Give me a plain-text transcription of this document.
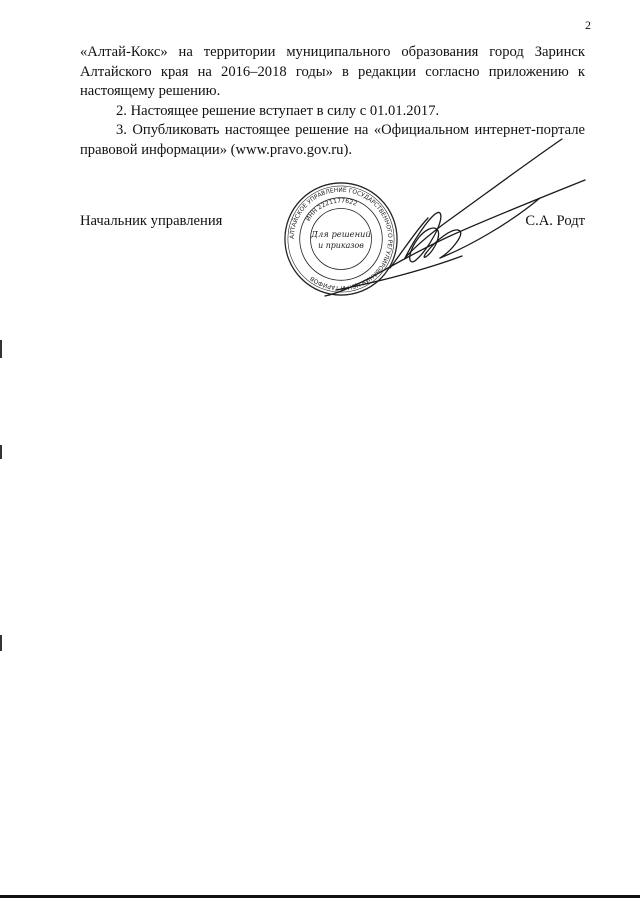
2

«Алтай-Кокс» на территории муниципального образования город Заринск Алтайского края на 2016–2018 годы» в редакции согласно приложению к настоящему решению.

2. Настоящее решение вступает в силу с 01.01.2017.

3. Опубликовать настоящее решение на «Официальном интернет-портале правовой информации» (www.pravo.gov.ru).

Начальник управления	С.А. Родт
АЛТАЙСКОЕ УПРАВЛЕНИЕ ГОСУДАРСТВЕННОГО РЕГУЛИРОВАНИЯ ЦЕН И ТАРИФОВ
ИНН 2221177622
Для решений
и приказов
